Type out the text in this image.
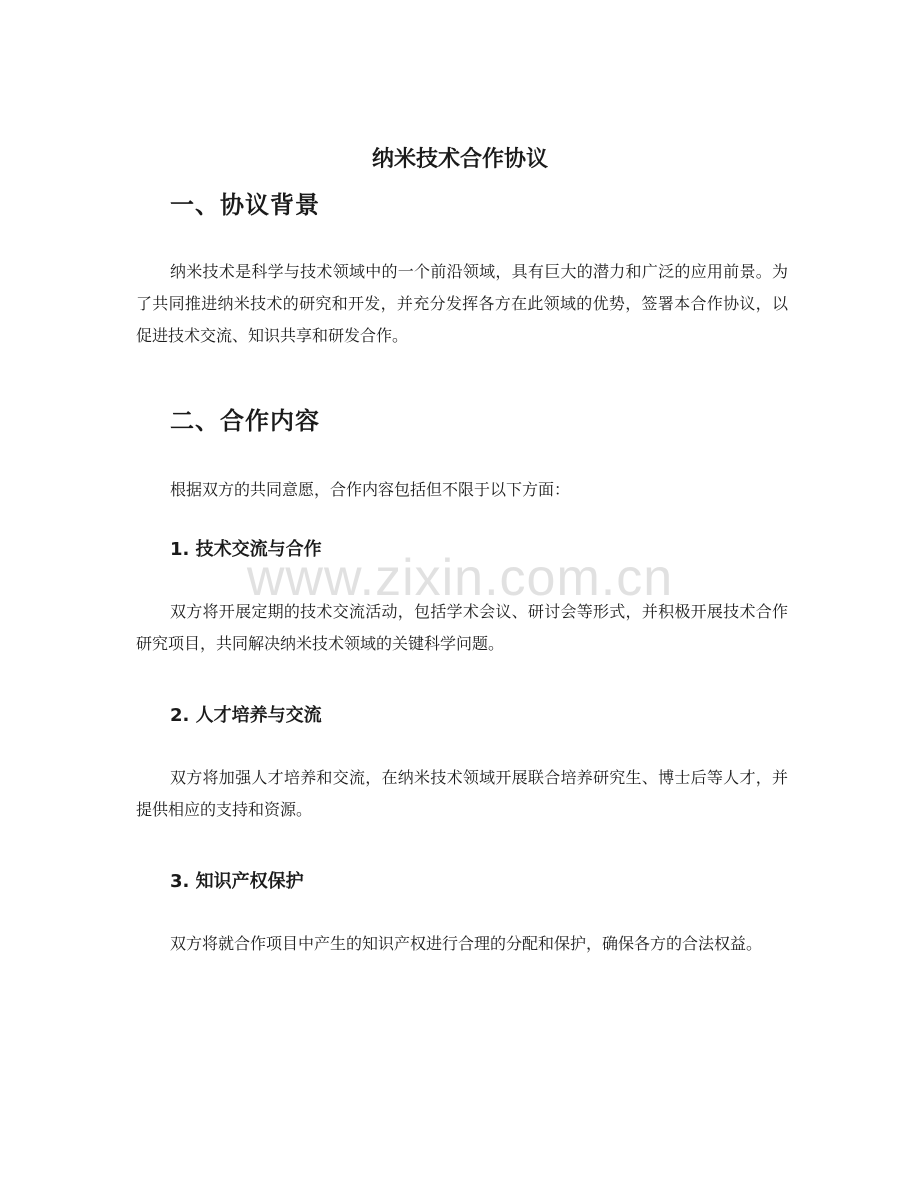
纳米技术合作协议
一、协议背景
纳米技术是科学与技术领域中的一个前沿领域，具有巨大的潜力和广泛的应用前景。为了共同推进纳米技术的研究和开发，并充分发挥各方在此领域的优势，签署本合作协议，以促进技术交流、知识共享和研发合作。
二、合作内容
根据双方的共同意愿，合作内容包括但不限于以下方面：
1. 技术交流与合作
双方将开展定期的技术交流活动，包括学术会议、研讨会等形式，并积极开展技术合作研究项目，共同解决纳米技术领域的关键科学问题。
2. 人才培养与交流
双方将加强人才培养和交流，在纳米技术领域开展联合培养研究生、博士后等人才，并提供相应的支持和资源。
3. 知识产权保护
双方将就合作项目中产生的知识产权进行合理的分配和保护，确保各方的合法权益。
www.zixin.com.cn
